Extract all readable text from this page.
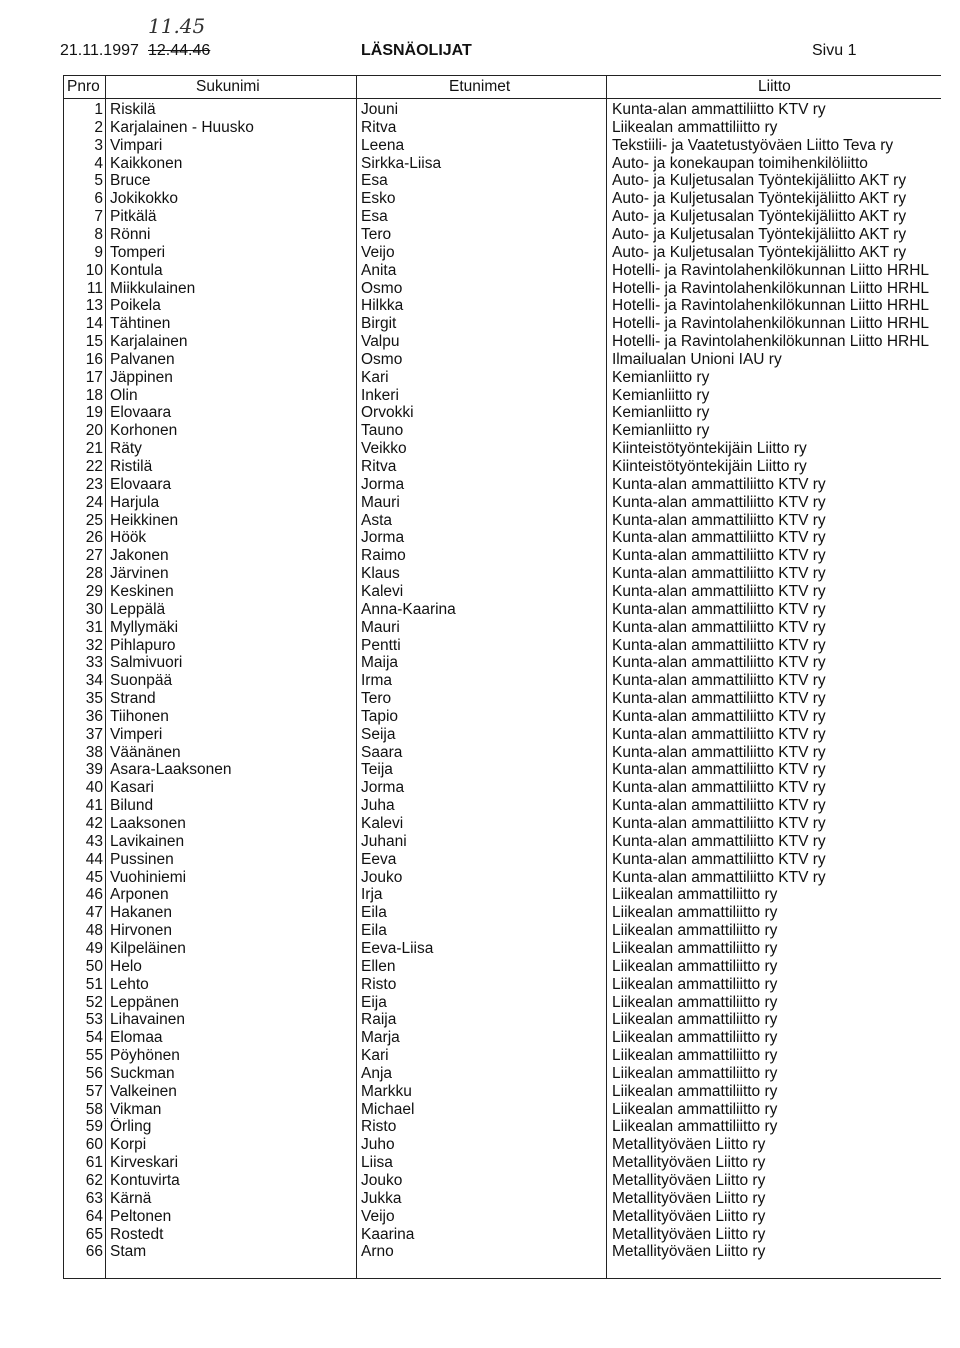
11.45
21.11.1997 12.44.46	LÄSNÄOLIJAT	Sivu 1
Pnro	Sukunimi	Etunimet	Liitto
1 Riskilä	Jouni	Kunta-alan ammattiliitto KTV ry
2 Karjalainen - Huusko	Ritva	Liikealan ammattiliitto ry
3 Vimpari	Leena	Tekstiili- ja Vaatetustyöväen Liitto Teva ry
4 Kaikkonen	Sirkka-Liisa	Auto- ja konekaupan toimihenkilöliitto
5 Bruce	Esa	Auto- ja Kuljetusalan Työntekijäliitto AKT ry
6 Jokikokko	Esko	Auto- ja Kuljetusalan Työntekijäliitto AKT ry
7 Pitkälä	Esa	Auto- ja Kuljetusalan Työntekijäliitto AKT ry
8 Rönni	Tero	Auto- ja Kuljetusalan Työntekijäliitto AKT ry
9 Tomperi	Veijo	Auto- ja Kuljetusalan Työntekijäliitto AKT ry
10 Kontula	Anita	Hotelli- ja Ravintolahenkilökunnan Liitto HRHL
11 Miikkulainen	Osmo	Hotelli- ja Ravintolahenkilökunnan Liitto HRHL
13 Poikela	Hilkka	Hotelli- ja Ravintolahenkilökunnan Liitto HRHL
14 Tähtinen	Birgit	Hotelli- ja Ravintolahenkilökunnan Liitto HRHL
15 Karjalainen	Valpu	Hotelli- ja Ravintolahenkilökunnan Liitto HRHL
16 Palvanen	Osmo	Ilmailualan Unioni IAU ry
17 Jäppinen	Kari	Kemianliitto ry
18 Olin	Inkeri	Kemianliitto ry
19 Elovaara	Orvokki	Kemianliitto ry
20 Korhonen	Tauno	Kemianliitto ry
21 Räty	Veikko	Kiinteistötyöntekijäin Liitto ry
22 Ristilä	Ritva	Kiinteistötyöntekijäin Liitto ry
23 Elovaara	Jorma	Kunta-alan ammattiliitto KTV ry
24 Harjula	Mauri	Kunta-alan ammattiliitto KTV ry
25 Heikkinen	Asta	Kunta-alan ammattiliitto KTV ry
26 Höök	Jorma	Kunta-alan ammattiliitto KTV ry
27 Jakonen	Raimo	Kunta-alan ammattiliitto KTV ry
28 Järvinen	Klaus	Kunta-alan ammattiliitto KTV ry
29 Keskinen	Kalevi	Kunta-alan ammattiliitto KTV ry
30 Leppälä	Anna-Kaarina	Kunta-alan ammattiliitto KTV ry
31 Myllymäki	Mauri	Kunta-alan ammattiliitto KTV ry
32 Pihlapuro	Pentti	Kunta-alan ammattiliitto KTV ry
33 Salmivuori	Maija	Kunta-alan ammattiliitto KTV ry
34 Suonpää	Irma	Kunta-alan ammattiliitto KTV ry
35 Strand	Tero	Kunta-alan ammattiliitto KTV ry
36 Tiihonen	Tapio	Kunta-alan ammattiliitto KTV ry
37 Vimperi	Seija	Kunta-alan ammattiliitto KTV ry
38 Väänänen	Saara	Kunta-alan ammattiliitto KTV ry
39 Asara-Laaksonen	Teija	Kunta-alan ammattiliitto KTV ry
40 Kasari	Jorma	Kunta-alan ammattiliitto KTV ry
41 Bilund	Juha	Kunta-alan ammattiliitto KTV ry
42 Laaksonen	Kalevi	Kunta-alan ammattiliitto KTV ry
43 Lavikainen	Juhani	Kunta-alan ammattiliitto KTV ry
44 Pussinen	Eeva	Kunta-alan ammattiliitto KTV ry
45 Vuohiniemi	Jouko	Kunta-alan ammattiliitto KTV ry
46 Arponen	Irja	Liikealan ammattiliitto ry
47 Hakanen	Eila	Liikealan ammattiliitto ry
48 Hirvonen	Eila	Liikealan ammattiliitto ry
49 Kilpeläinen	Eeva-Liisa	Liikealan ammattiliitto ry
50 Helo	Ellen	Liikealan ammattiliitto ry
51 Lehto	Risto	Liikealan ammattiliitto ry
52 Leppänen	Eija	Liikealan ammattiliitto ry
53 Lihavainen	Raija	Liikealan ammattiliitto ry
54 Elomaa	Marja	Liikealan ammattiliitto ry
55 Pöyhönen	Kari	Liikealan ammattiliitto ry
56 Suckman	Anja	Liikealan ammattiliitto ry
57 Valkeinen	Markku	Liikealan ammattiliitto ry
58 Vikman	Michael	Liikealan ammattiliitto ry
59 Örling	Risto	Liikealan ammattiliitto ry
60 Korpi	Juho	Metallityöväen Liitto ry
61 Kirveskari	Liisa	Metallityöväen Liitto ry
62 Kontuvirta	Jouko	Metallityöväen Liitto ry
63 Kärnä	Jukka	Metallityöväen Liitto ry
64 Peltonen	Veijo	Metallityöväen Liitto ry
65 Rostedt	Kaarina	Metallityöväen Liitto ry
66 Stam	Arno	Metallityöväen Liitto ry
